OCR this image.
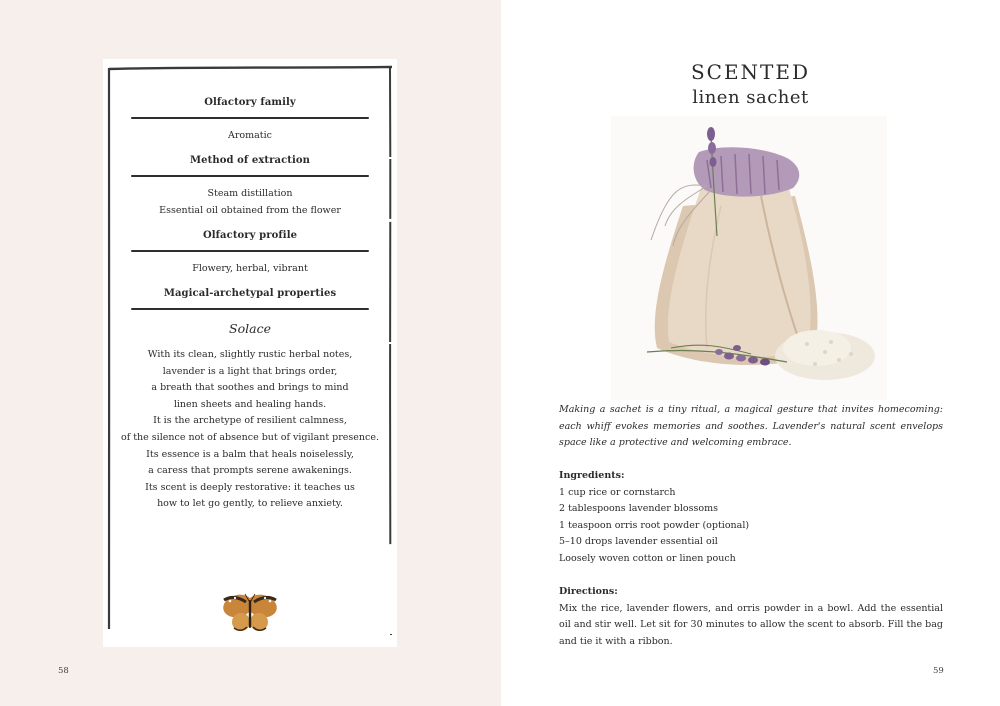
Olfactory family
Aromatic
Method of extraction
Steam distillation
Essential oil obtained from the flower
Olfactory profile
Flowery, herbal, vibrant
Magical-archetypal properties
Solace
With its clean, slightly rustic herbal notes,
lavender is a light that brings order,
a breath that soothes and brings to mind
linen sheets and healing hands.
It is the archetype of resilient calmness,
of the silence not of absence but of vigilant presence.
Its essence is a balm that heals noiselessly,
a caress that prompts serene awakenings.
Its scent is deeply restorative: it teaches us
how to let go gently, to relieve anxiety.
58
SCENTED
linen sachet
59
Making a sachet is a tiny ritual, a magical gesture that invites homecoming: each whiff evokes memories and soothes. Lavender's natural scent envelops space like a protective and welcoming embrace.
Ingredients:
1 cup rice or cornstarch
2 tablespoons lavender blossoms
1 teaspoon orris root powder (optional)
5–10 drops lavender essential oil
Loosely woven cotton or linen pouch
Directions:
Mix the rice, lavender flowers, and orris powder in a bowl. Add the essential oil and stir well. Let sit for 30 minutes to allow the scent to absorb. Fill the bag and tie it with a ribbon.
